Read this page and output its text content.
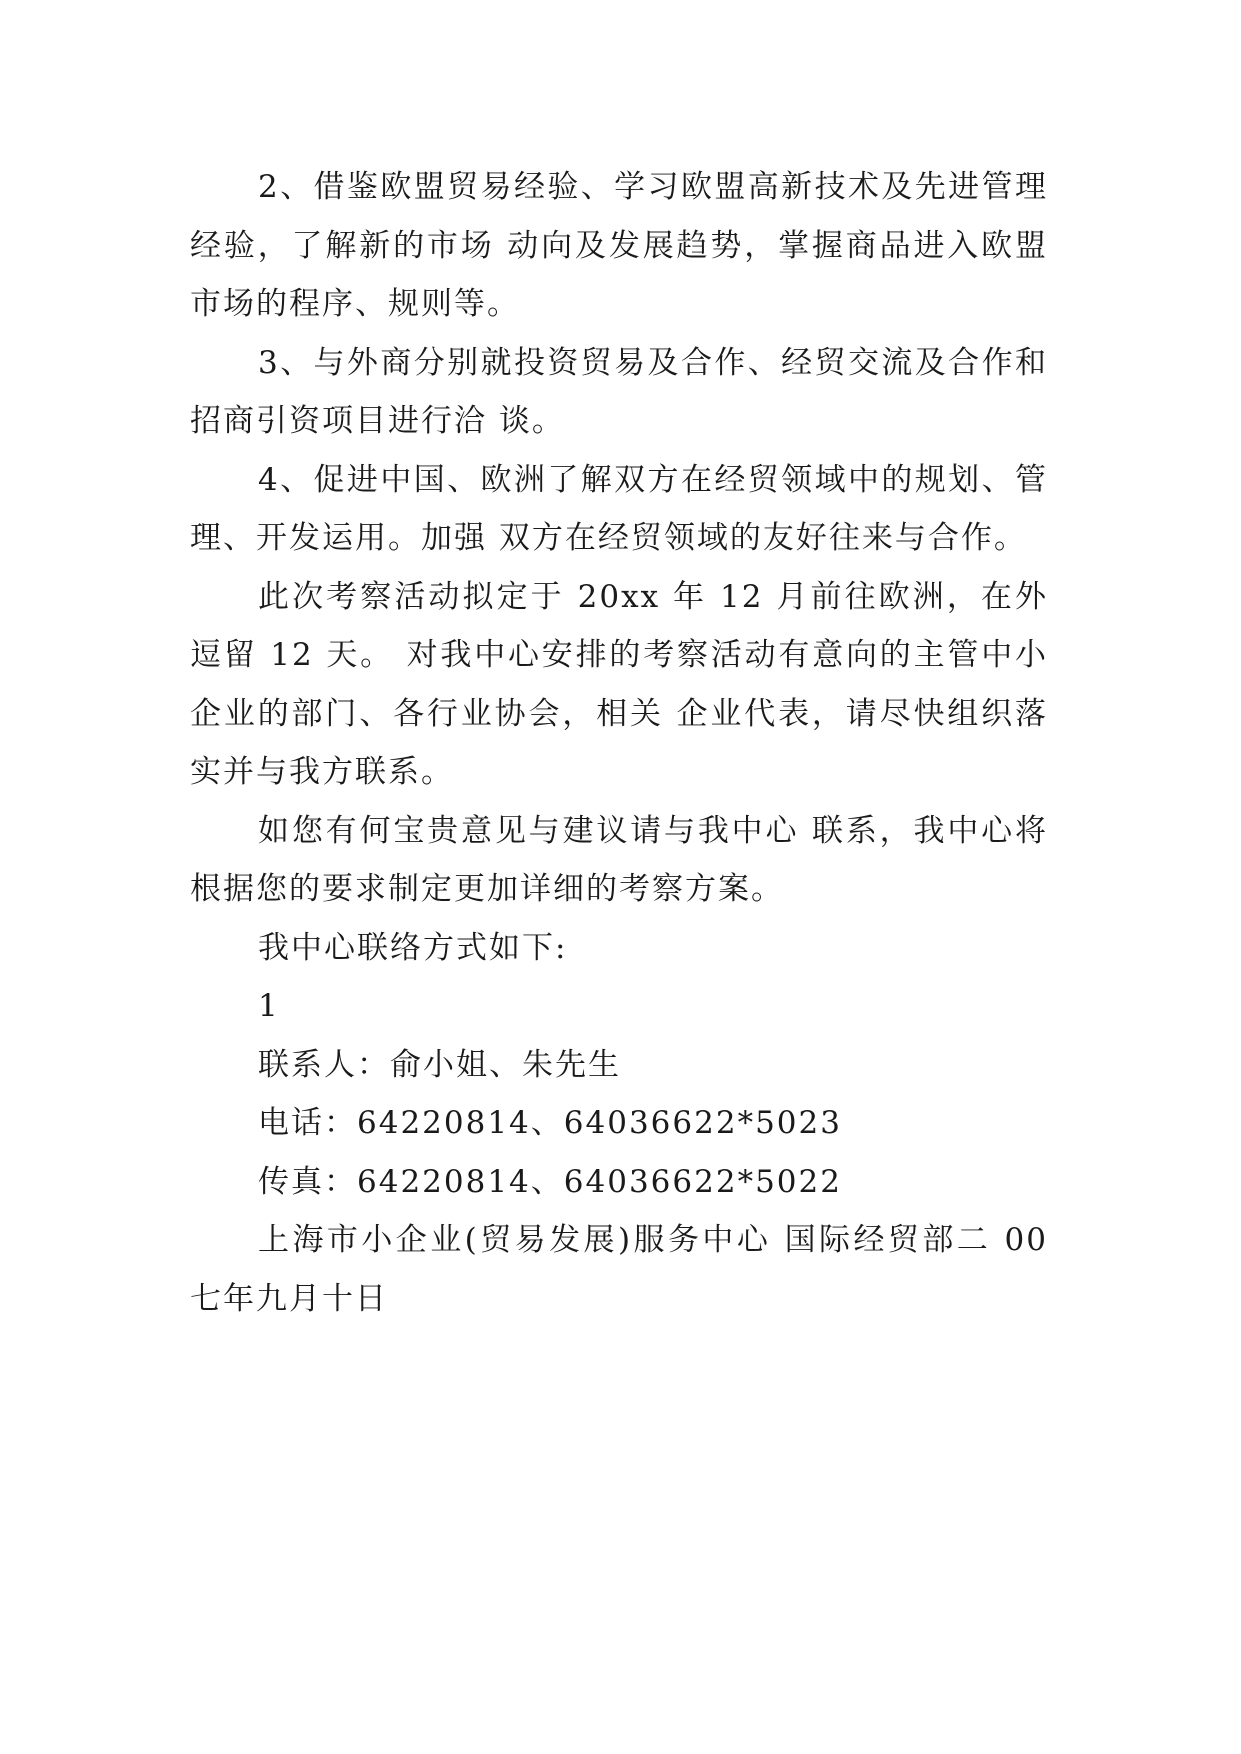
2、借鉴欧盟贸易经验、学习欧盟高新技术及先进管理经验，了解新的市场 动向及发展趋势，掌握商品进入欧盟市场的程序、规则等。

3、与外商分别就投资贸易及合作、经贸交流及合作和招商引资项目进行洽 谈。

4、促进中国、欧洲了解双方在经贸领域中的规划、管理、开发运用。加强 双方在经贸领域的友好往来与合作。

此次考察活动拟定于 20xx 年 12 月前往欧洲，在外逗留 12 天。 对我中心安排的考察活动有意向的主管中小企业的部门、各行业协会，相关 企业代表，请尽快组织落实并与我方联系。

如您有何宝贵意见与建议请与我中心 联系，我中心将根据您的要求制定更加详细的考察方案。

我中心联络方式如下:

1

联系人：俞小姐、朱先生

电话：64220814、64036622*5023

传真：64220814、64036622*5022

上海市小企业(贸易发展)服务中心 国际经贸部二 00 七年九月十日
